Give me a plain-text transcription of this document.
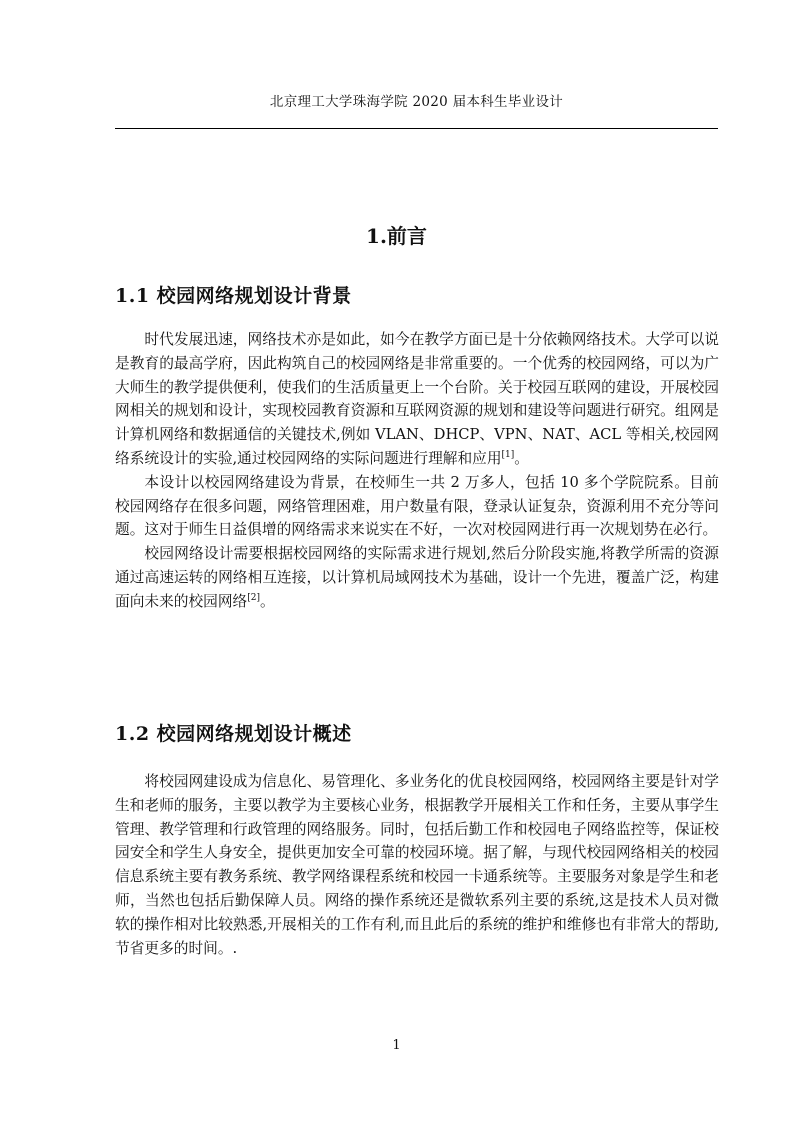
北京理工大学珠海学院 2020 届本科生毕业设计
1.前言
1.1 校园网络规划设计背景

时代发展迅速，网络技术亦是如此，如今在教学方面已是十分依赖网络技术。大学可以说是教育的最高学府，因此构筑自己的校园网络是非常重要的。一个优秀的校园网络，可以为广大师生的教学提供便利，使我们的生活质量更上一个台阶。关于校园互联网的建设，开展校园网相关的规划和设计，实现校园教育资源和互联网资源的规划和建设等问题进行研究。组网是计算机网络和数据通信的关键技术,例如 VLAN、DHCP、VPN、NAT、ACL 等相关,校园网络系统设计的实验,通过校园网络的实际问题进行理解和应用[1]。

本设计以校园网络建设为背景，在校师生一共 2 万多人，包括 10 多个学院院系。目前校园网络存在很多问题，网络管理困难，用户数量有限，登录认证复杂，资源利用不充分等问题。这对于师生日益俱增的网络需求来说实在不好，一次对校园网进行再一次规划势在必行。

校园网络设计需要根据校园网络的实际需求进行规划,然后分阶段实施,将教学所需的资源通过高速运转的网络相互连接，以计算机局域网技术为基础，设计一个先进，覆盖广泛，构建面向未来的校园网络[2]。

1.2 校园网络规划设计概述

将校园网建设成为信息化、易管理化、多业务化的优良校园网络，校园网络主要是针对学生和老师的服务，主要以教学为主要核心业务，根据教学开展相关工作和任务，主要从事学生管理、教学管理和行政管理的网络服务。同时，包括后勤工作和校园电子网络监控等，保证校园安全和学生人身安全，提供更加安全可靠的校园环境。据了解，与现代校园网络相关的校园信息系统主要有教务系统、教学网络课程系统和校园一卡通系统等。主要服务对象是学生和老师，当然也包括后勤保障人员。网络的操作系统还是微软系列主要的系统,这是技术人员对微软的操作相对比较熟悉,开展相关的工作有利,而且此后的系统的维护和维修也有非常大的帮助,节省更多的时间。.

1
